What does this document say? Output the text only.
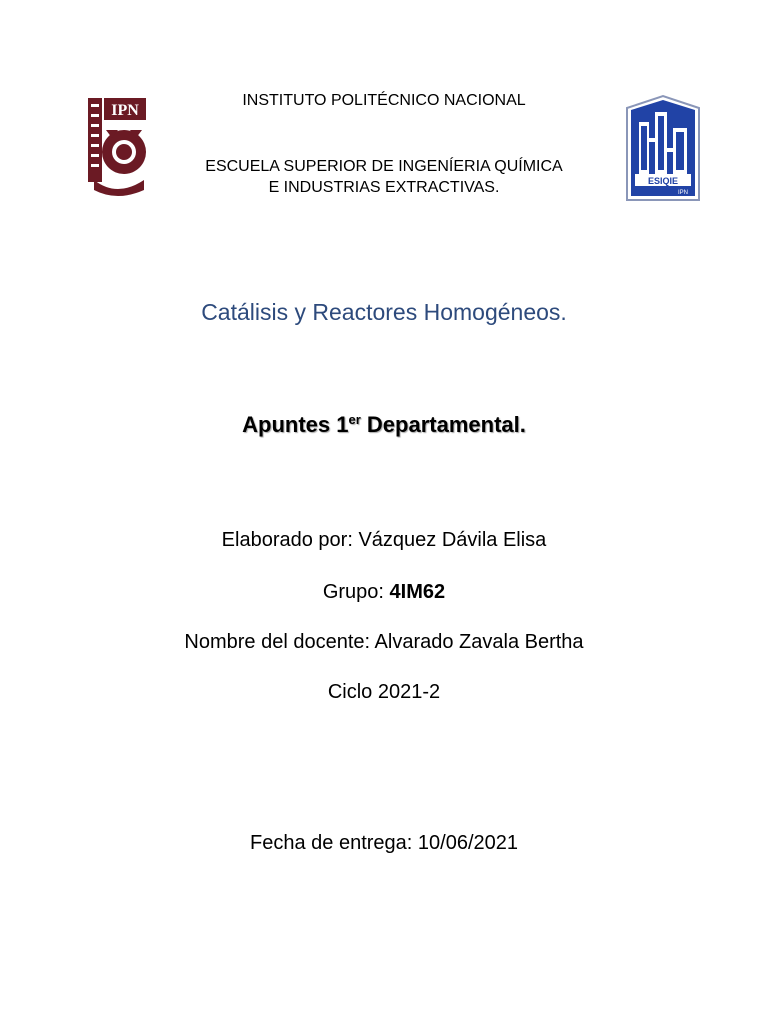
IPN
INSTITUTO POLITÉCNICO NACIONAL
ESCUELA SUPERIOR DE INGENÍERIA QUÍMICA
E INDUSTRIAS EXTRACTIVAS.	ESIQIE
IPN
Catálisis y Reactores Homogéneos.
Apuntes 1er Departamental.
Elaborado por: Vázquez Dávila Elisa
Grupo: 4IM62
Nombre del docente: Alvarado Zavala Bertha
Ciclo 2021-2
Fecha de entrega: 10/06/2021
